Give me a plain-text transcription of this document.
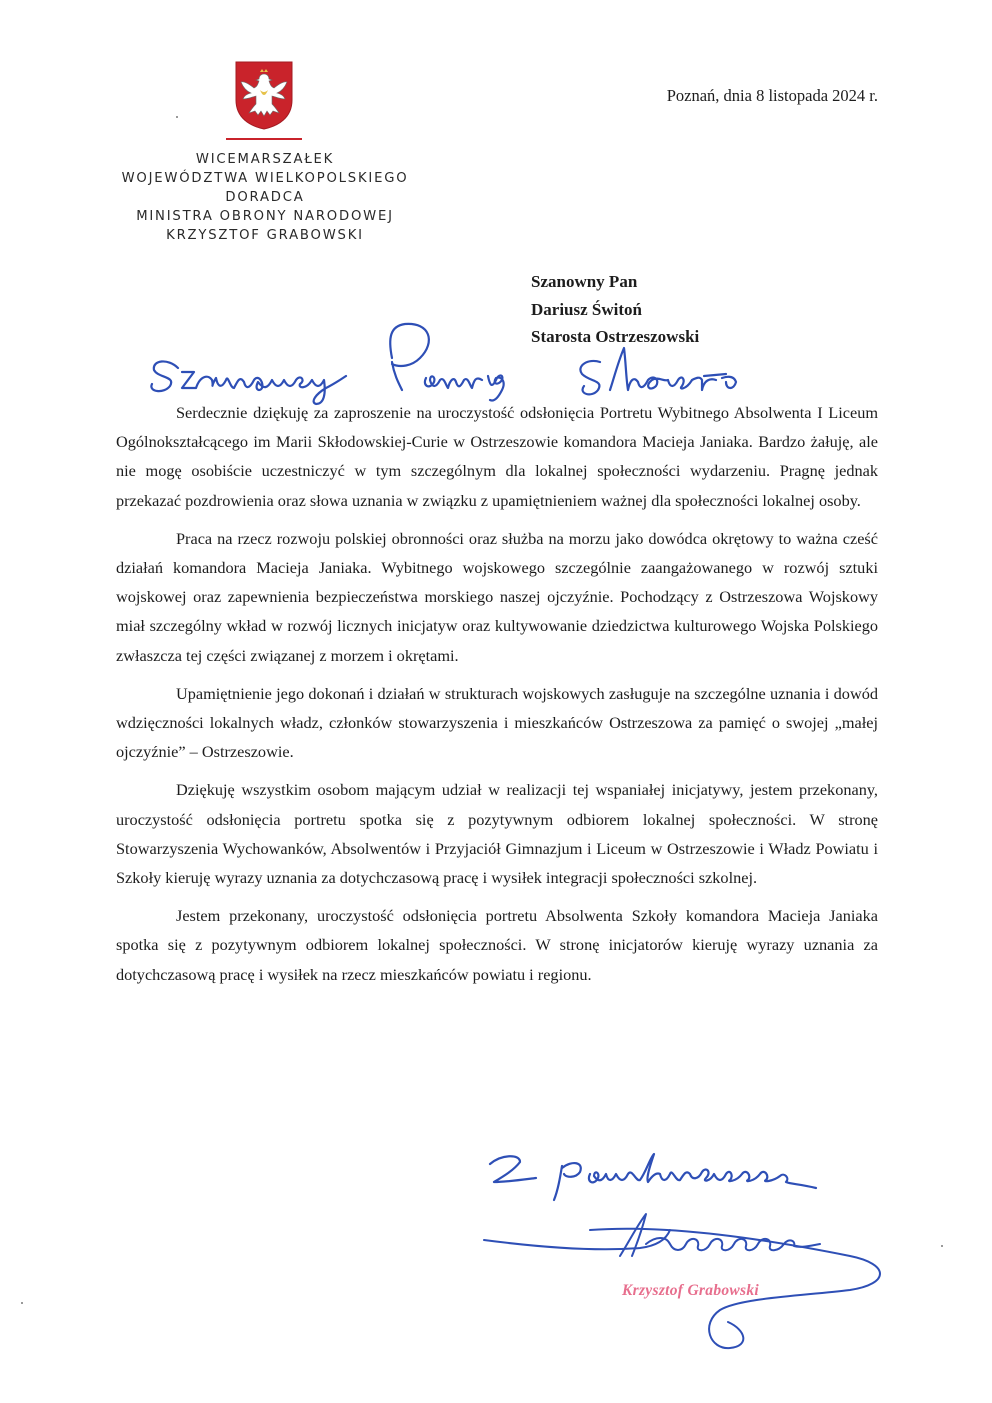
WICEMARSZAŁEK
WOJEWÓDZTWA WIELKOPOLSKIEGO
DORADCA
MINISTRA OBRONY NARODOWEJ
KRZYSZTOF GRABOWSKI
Poznań, dnia 8 listopada 2024 r.
Szanowny Pan
Dariusz Świtoń
Starosta Ostrzeszowski

Serdecznie dziękuję za zaproszenie na uroczystość odsłonięcia Portretu Wybitnego Absolwenta I Liceum Ogólnokształcącego im Marii Skłodowskiej-Curie w Ostrzeszowie komandora Macieja Janiaka. Bardzo żałuję, ale nie mogę osobiście uczestniczyć w tym szczególnym dla lokalnej społeczności wydarzeniu. Pragnę jednak przekazać pozdrowienia oraz słowa uznania w związku z upamiętnieniem ważnej dla społeczności lokalnej osoby.

Praca na rzecz rozwoju polskiej obronności oraz służba na morzu jako dowódca okrętowy to ważna cześć działań komandora Macieja Janiaka. Wybitnego wojskowego szczególnie zaangażowanego w rozwój sztuki wojskowej oraz zapewnienia bezpieczeństwa morskiego naszej ojczyźnie. Pochodzący z Ostrzeszowa Wojskowy miał szczególny wkład w rozwój licznych inicjatyw oraz kultywowanie dziedzictwa kulturowego Wojska Polskiego zwłaszcza tej części związanej z morzem i okrętami.

Upamiętnienie jego dokonań i działań w strukturach wojskowych zasługuje na szczególne uznania i dowód wdzięczności lokalnych władz, członków stowarzyszenia i mieszkańców Ostrzeszowa za pamięć o swojej „małej ojczyźnie” – Ostrzeszowie.

Dziękuję wszystkim osobom mającym udział w realizacji tej wspaniałej inicjatywy, jestem przekonany, uroczystość odsłonięcia portretu spotka się z pozytywnym odbiorem lokalnej społeczności. W stronę Stowarzyszenia Wychowanków, Absolwentów i Przyjaciół Gimnazjum i Liceum w Ostrzeszowie i Władz Powiatu i Szkoły kieruję wyrazy uznania za dotychczasową pracę i wysiłek integracji społeczności szkolnej.

Jestem przekonany, uroczystość odsłonięcia portretu Absolwenta Szkoły komandora Macieja Janiaka spotka się z pozytywnym odbiorem lokalnej społeczności. W stronę inicjatorów kieruję wyrazy uznania za dotychczasową pracę i wysiłek na rzecz mieszkańców powiatu i regionu.

Krzysztof Grabowski
